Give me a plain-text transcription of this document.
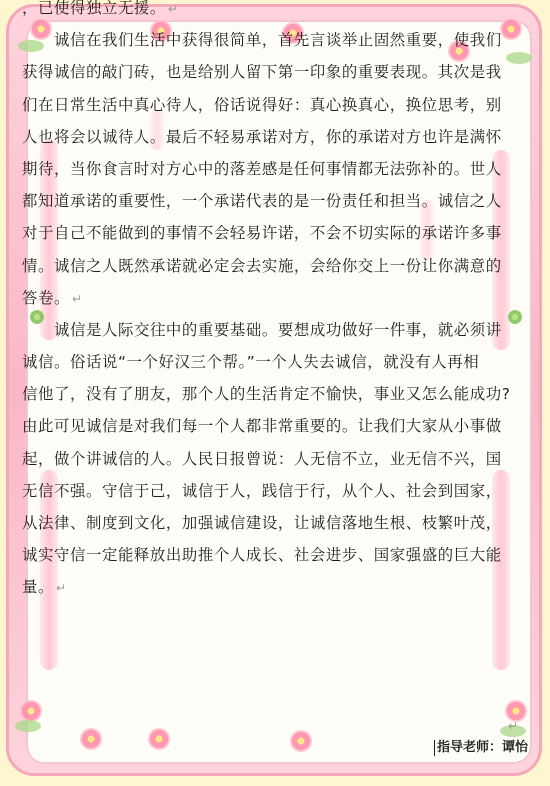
，已使得独立无援。 ↵
诚信在我们生活中获得很简单，首先言谈举止固然重要，使我们
获得诚信的敲门砖，也是给别人留下第一印象的重要表现。其次是我
们在日常生活中真心待人，俗话说得好：真心换真心，换位思考，别
人也将会以诚待人。最后不轻易承诺对方，你的承诺对方也许是满怀
期待，当你食言时对方心中的落差感是任何事情都无法弥补的。世人
都知道承诺的重要性，一个承诺代表的是一份责任和担当。诚信之人
对于自己不能做到的事情不会轻易许诺，不会不切实际的承诺许多事
情。诚信之人既然承诺就必定会去实施，会给你交上一份让你满意的
答卷。 ↵
诚信是人际交往中的重要基础。要想成功做好一件事，就必须讲
诚信。俗话说“一个好汉三个帮。”一个人失去诚信，就没有人再相
信他了，没有了朋友，那个人的生活肯定不愉快，事业又怎么能成功?
由此可见诚信是对我们每一个人都非常重要的。让我们大家从小事做
起，做个讲诚信的人。人民日报曾说：人无信不立，业无信不兴，国
无信不强。守信于己，诚信于人，践信于行，从个人、社会到国家，
从法律、制度到文化，加强诚信建设，让诚信落地生根、枝繁叶茂，
诚实守信一定能释放出助推个人成长、社会进步、国家强盛的巨大能
量。 ↵
↵
指导老师：谭怡
